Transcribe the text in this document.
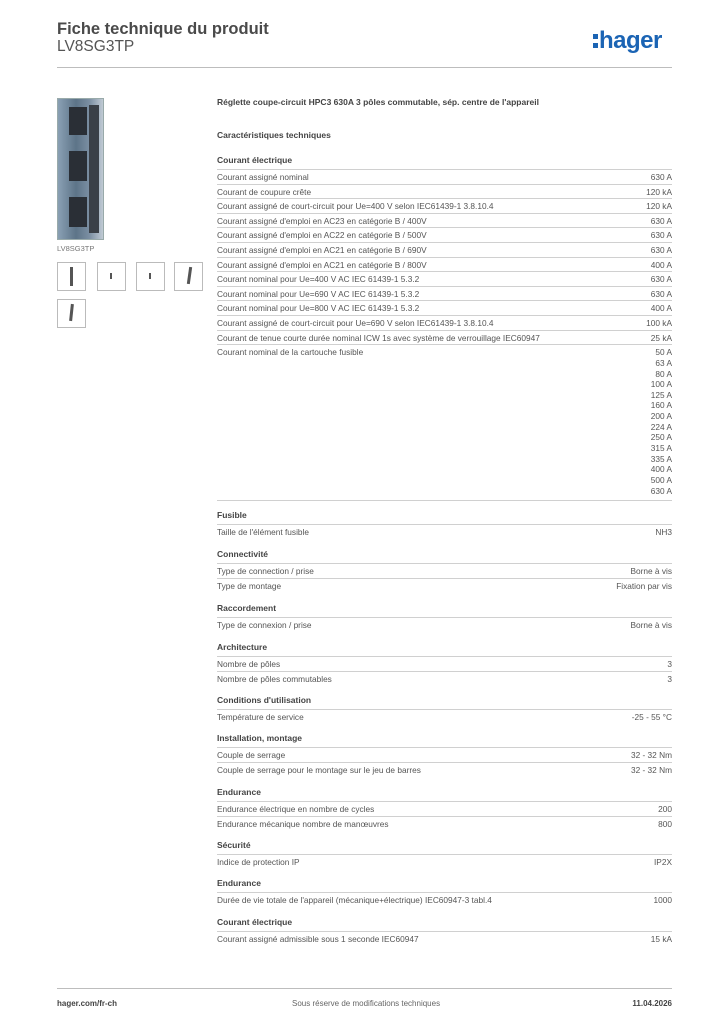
Fiche technique du produit
LV8SG3TP	hager
LV8SG3TP
Réglette coupe-circuit HPC3 630A 3 pôles commutable, sép. centre de l'appareil
Caractéristiques techniques
Courant électrique
Courant assigné nominal	630 A
Courant de coupure crête	120 kA
Courant assigné de court-circuit pour Ue=400 V selon IEC61439-1 3.8.10.4	120 kA
Courant assigné d'emploi en AC23 en catégorie B / 400V	630 A
Courant assigné d'emploi en AC22 en catégorie B / 500V	630 A
Courant assigné d'emploi en AC21 en catégorie B / 690V	630 A
Courant assigné d'emploi en AC21 en catégorie B / 800V	400 A
Courant nominal pour Ue=400 V AC IEC 61439-1 5.3.2	630 A
Courant nominal pour Ue=690 V AC IEC 61439-1 5.3.2	630 A
Courant nominal pour Ue=800 V AC IEC 61439-1 5.3.2	400 A
Courant assigné de court-circuit pour Ue=690 V selon IEC61439-1 3.8.10.4	100 kA
Courant de tenue courte durée nominal ICW 1s avec système de verrouillage IEC60947	25 kA
Courant nominal de la cartouche fusible	50 A
63 A
80 A
100 A
125 A
160 A
200 A
224 A
250 A
315 A
335 A
400 A
500 A
630 A
Fusible
Taille de l'élément fusible	NH3
Connectivité
Type de connection / prise	Borne à vis
Type de montage	Fixation par vis
Raccordement
Type de connexion / prise	Borne à vis
Architecture
Nombre de pôles	3
Nombre de pôles commutables	3
Conditions d'utilisation
Température de service	-25 - 55 °C
Installation, montage
Couple de serrage	32 - 32 Nm
Couple de serrage pour le montage sur le jeu de barres	32 - 32 Nm
Endurance
Endurance électrique en nombre de cycles	200
Endurance mécanique nombre de manœuvres	800
Sécurité
Indice de protection IP	IP2X
Endurance
Durée de vie totale de l'appareil (mécanique+électrique) IEC60947-3 tabl.4	1000
Courant électrique
Courant assigné admissible sous 1 seconde IEC60947	15 kA
hager.com/fr-ch	Sous réserve de modifications techniques	11.04.2026
